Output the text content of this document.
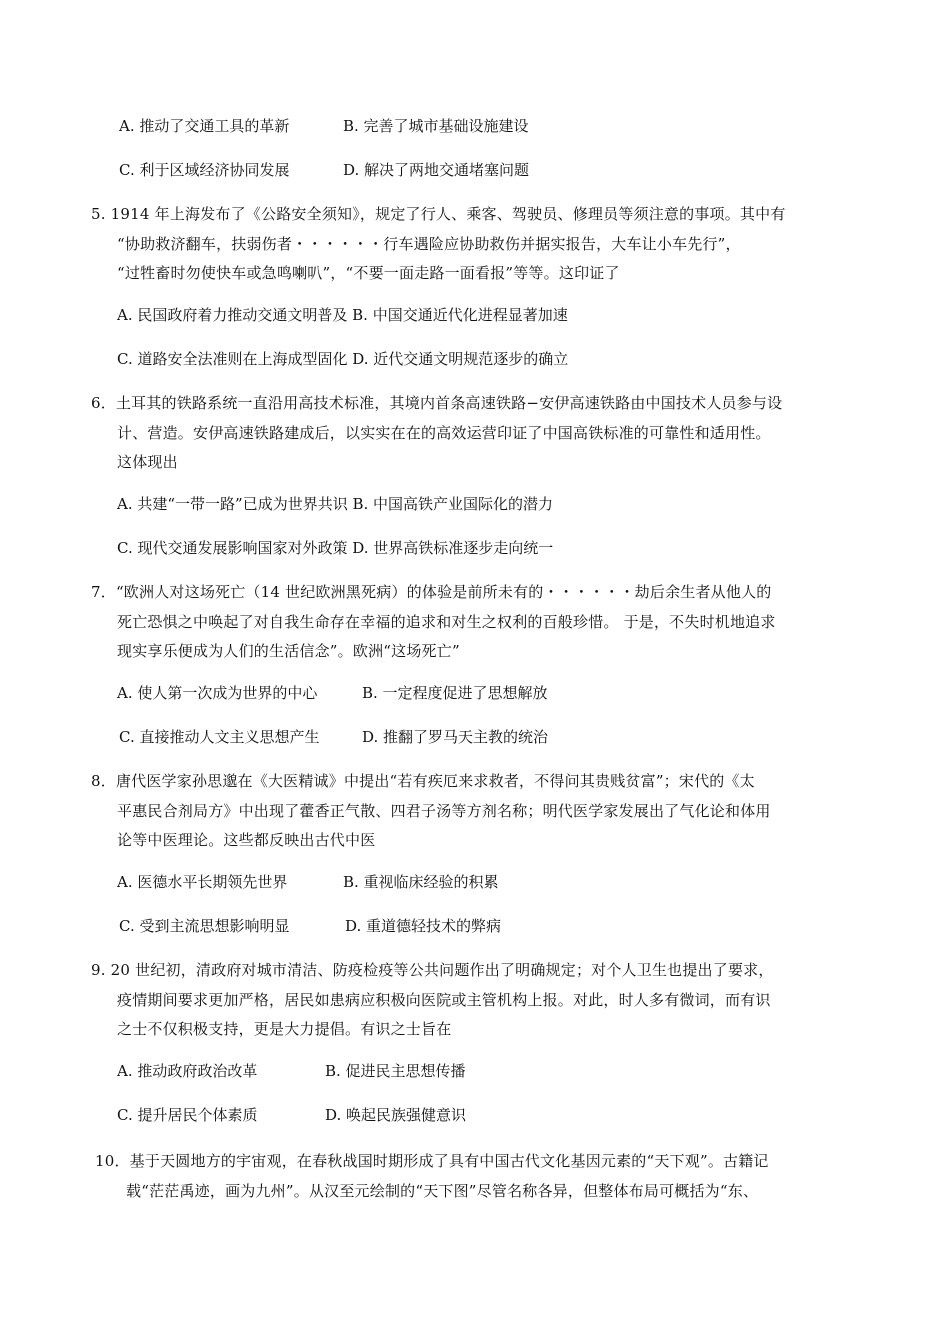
A. 推动了交通工具的革新	B. 完善了城市基础设施建设
C. 利于区域经济协同发展	D. 解决了两地交通堵塞问题
5. 1914 年上海发布了《公路安全须知》，规定了行人、乘客、驾驶员、修理员等须注意的事项。其中有
“协助救济翻车，扶弱伤者・・・・・・行车遇险应协助救伤并据实报告，大车让小车先行”，
“过牲畜时勿使快车或急鸣喇叭”，“不要一面走路一面看报”等等。这印证了
A. 民国政府着力推动交通文明普及 B. 中国交通近代化进程显著加速
C. 道路安全法准则在上海成型固化 D. 近代交通文明规范逐步的确立
6．土耳其的铁路系统一直沿用高技术标准，其境内首条高速铁路−安伊高速铁路由中国技术人员参与设
计、营造。安伊高速铁路建成后，以实实在在的高效运营印证了中国高铁标准的可靠性和适用性。
这体现出
A. 共建“一带一路”已成为世界共识 B. 中国高铁产业国际化的潜力
C. 现代交通发展影响国家对外政策 D. 世界高铁标准逐步走向统一
7．“欧洲人对这场死亡（14 世纪欧洲黑死病）的体验是前所未有的・・・・・・劫后余生者从他人的
死亡恐惧之中唤起了对自我生命存在幸福的追求和对生之权利的百般珍惜。 于是，不失时机地追求
现实享乐便成为人们的生活信念”。欧洲“这场死亡”
A. 使人第一次成为世界的中心	B. 一定程度促进了思想解放
C. 直接推动人文主义思想产生	D. 推翻了罗马天主教的统治
8．唐代医学家孙思邈在《大医精诚》中提出“若有疾厄来求救者，不得问其贵贱贫富”；宋代的《太
平惠民合剂局方》中出现了藿香正气散、四君子汤等方剂名称；明代医学家发展出了气化论和体用
论等中医理论。这些都反映出古代中医
A. 医德水平长期领先世界	B. 重视临床经验的积累
C. 受到主流思想影响明显	D. 重道德轻技术的弊病
9. 20 世纪初，清政府对城市清洁、防疫检疫等公共问题作出了明确规定；对个人卫生也提出了要求，
疫情期间要求更加严格，居民如患病应积极向医院或主管机构上报。对此，时人多有微词，而有识
之士不仅积极支持，更是大力提倡。有识之士旨在
A. 推动政府政治改革	B. 促进民主思想传播
C. 提升居民个体素质	D. 唤起民族强健意识
10．基于天圆地方的宇宙观，在春秋战国时期形成了具有中国古代文化基因元素的“天下观”。古籍记
载“茫茫禹迹，画为九州”。从汉至元绘制的“天下图”尽管名称各异，但整体布局可概括为“东、
